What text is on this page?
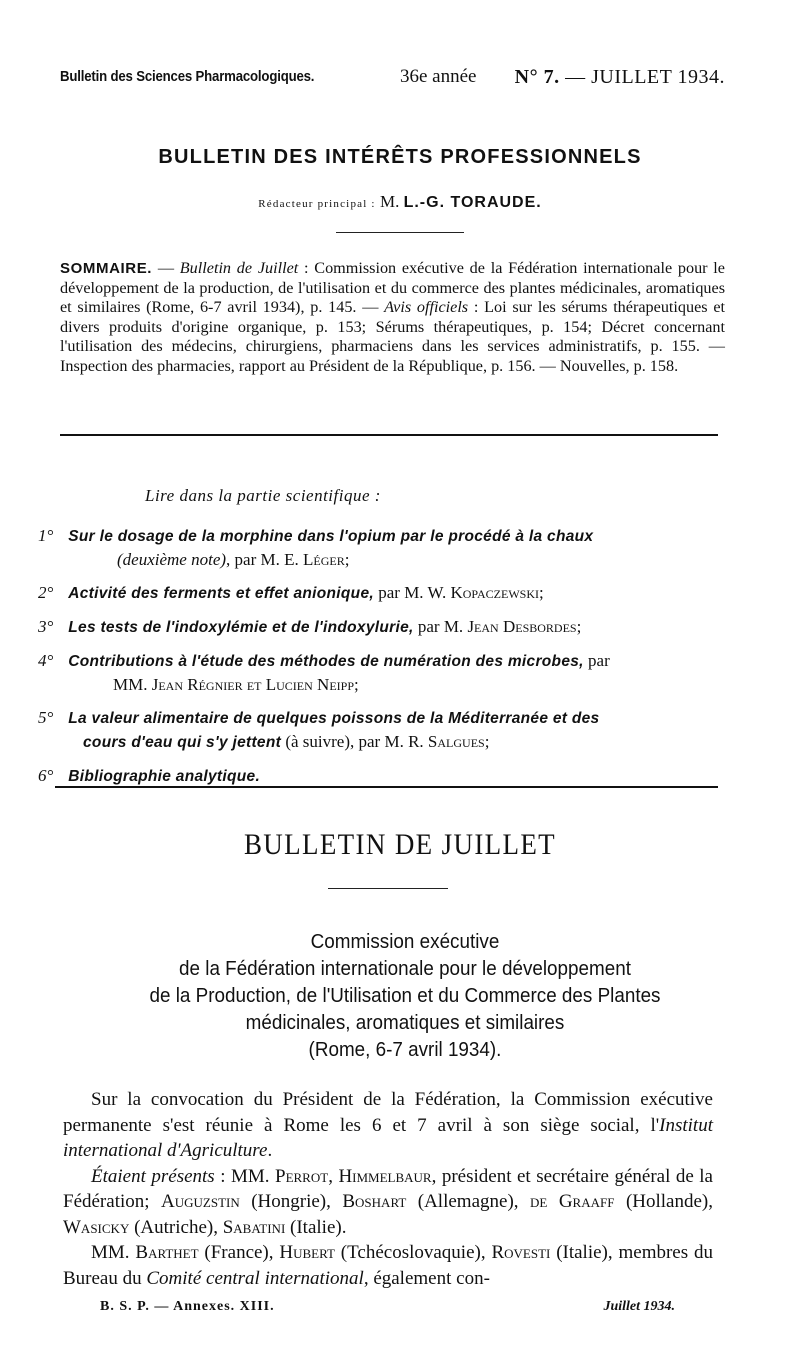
Bulletin des Sciences Pharmacologiques.	36e année N° 7. — JUILLET 1934.
BULLETIN DES INTÉRÊTS PROFESSIONNELS
Rédacteur principal : M. L.-G. TORAUDE.
SOMMAIRE. — Bulletin de Juillet : Commission exécutive de la Fédération internationale pour le développement de la production, de l'utilisation et du commerce des plantes médicinales, aromatiques et similaires (Rome, 6-7 avril 1934), p. 145. — Avis officiels : Loi sur les sérums thérapeutiques et divers produits d'origine organique, p. 153; Sérums thérapeutiques, p. 154; Décret concernant l'utilisation des médecins, chirurgiens, pharmaciens dans les services administratifs, p. 155. — Inspection des pharmacies, rapport au Président de la République, p. 156. — Nouvelles, p. 158.
Lire dans la partie scientifique :
1° Sur le dosage de la morphine dans l'opium par le procédé à la chaux
(deuxième note), par M. E. Léger;
2° Activité des ferments et effet anionique, par M. W. Kopaczewski;
3° Les tests de l'indoxylémie et de l'indoxylurie, par M. Jean Desbordes;
4° Contributions à l'étude des méthodes de numération des microbes, par
MM. Jean Régnier et Lucien Neipp;
5° La valeur alimentaire de quelques poissons de la Méditerranée et des
cours d'eau qui s'y jettent (à suivre), par M. R. Salgues;
6° Bibliographie analytique.
BULLETIN DE JUILLET
Commission exécutive
de la Fédération internationale pour le développement
de la Production, de l'Utilisation et du Commerce des Plantes
médicinales, aromatiques et similaires
(Rome, 6-7 avril 1934).

Sur la convocation du Président de la Fédération, la Commission exécutive permanente s'est réunie à Rome les 6 et 7 avril à son siège social, l'Institut international d'Agriculture.

Étaient présents : MM. Perrot, Himmelbaur, président et secrétaire général de la Fédération; Auguzstin (Hongrie), Boshart (Allemagne), de Graaff (Hollande), Wasicky (Autriche), Sabatini (Italie).

MM. Barthet (France), Hubert (Tchécoslovaquie), Rovesti (Italie), membres du Bureau du Comité central international, également con-

B. S. P. — Annexes. XIII.	Juillet 1934.
